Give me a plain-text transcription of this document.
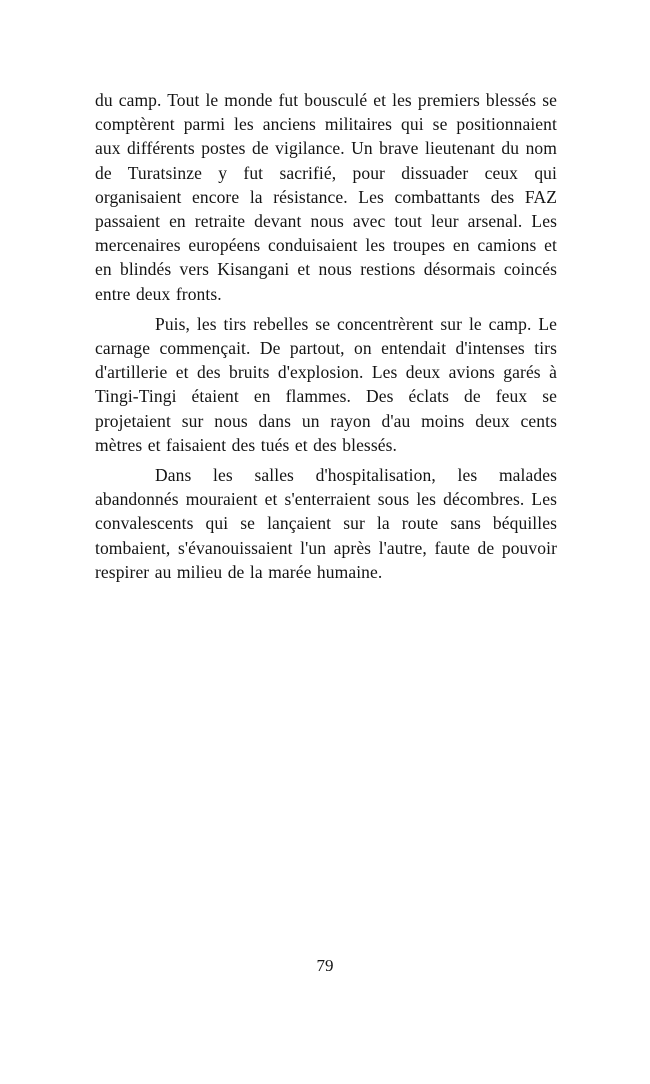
du camp. Tout le monde fut bousculé et les premiers blessés se comptèrent parmi les anciens militaires qui se positionnaient aux différents postes de vigilance. Un brave lieutenant du nom de Turatsinze y fut sacrifié, pour dissuader ceux qui organisaient encore la résistance. Les combattants des FAZ passaient en retraite devant nous avec tout leur arsenal. Les mercenaires européens conduisaient les troupes en camions et en blindés vers Kisangani et nous restions désormais coincés entre deux fronts.

Puis, les tirs rebelles se concentrèrent sur le camp. Le carnage commençait. De partout, on entendait d'intenses tirs d'artillerie et des bruits d'explosion. Les deux avions garés à Tingi-Tingi étaient en flammes. Des éclats de feux se projetaient sur nous dans un rayon d'au moins deux cents mètres et faisaient des tués et des blessés.

Dans les salles d'hospitalisation, les malades abandonnés mouraient et s'enterraient sous les décombres. Les convalescents qui se lançaient sur la route sans béquilles tombaient, s'évanouissaient l'un après l'autre, faute de pouvoir respirer au milieu de la marée humaine.

79
